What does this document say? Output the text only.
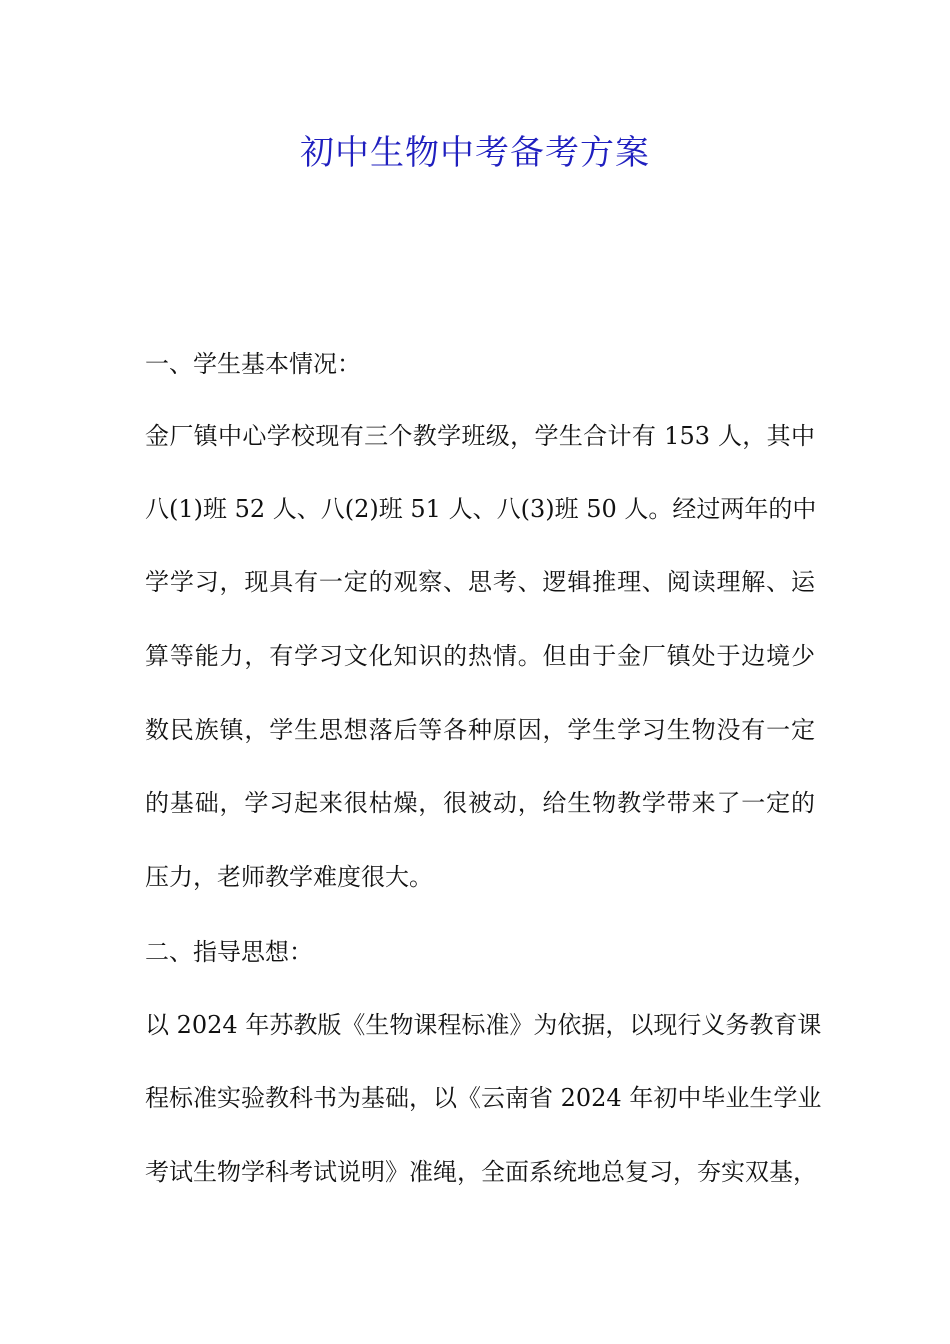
初中生物中考备考方案

一、学生基本情况：

金厂镇中心学校现有三个教学班级，学生合计有 153 人，其中

八(1)班 52 人、八(2)班 51 人、八(3)班 50 人。经过两年的中

学学习，现具有一定的观察、思考、逻辑推理、阅读理解、运

算等能力，有学习文化知识的热情。但由于金厂镇处于边境少

数民族镇，学生思想落后等各种原因，学生学习生物没有一定

的基础，学习起来很枯燥，很被动，给生物教学带来了一定的

压力，老师教学难度很大。

二、指导思想：

以 2024 年苏教版《生物课程标准》为依据，以现行义务教育课

程标准实验教科书为基础，以《云南省 2024 年初中毕业生学业

考试生物学科考试说明》准绳，全面系统地总复习，夯实双基，
